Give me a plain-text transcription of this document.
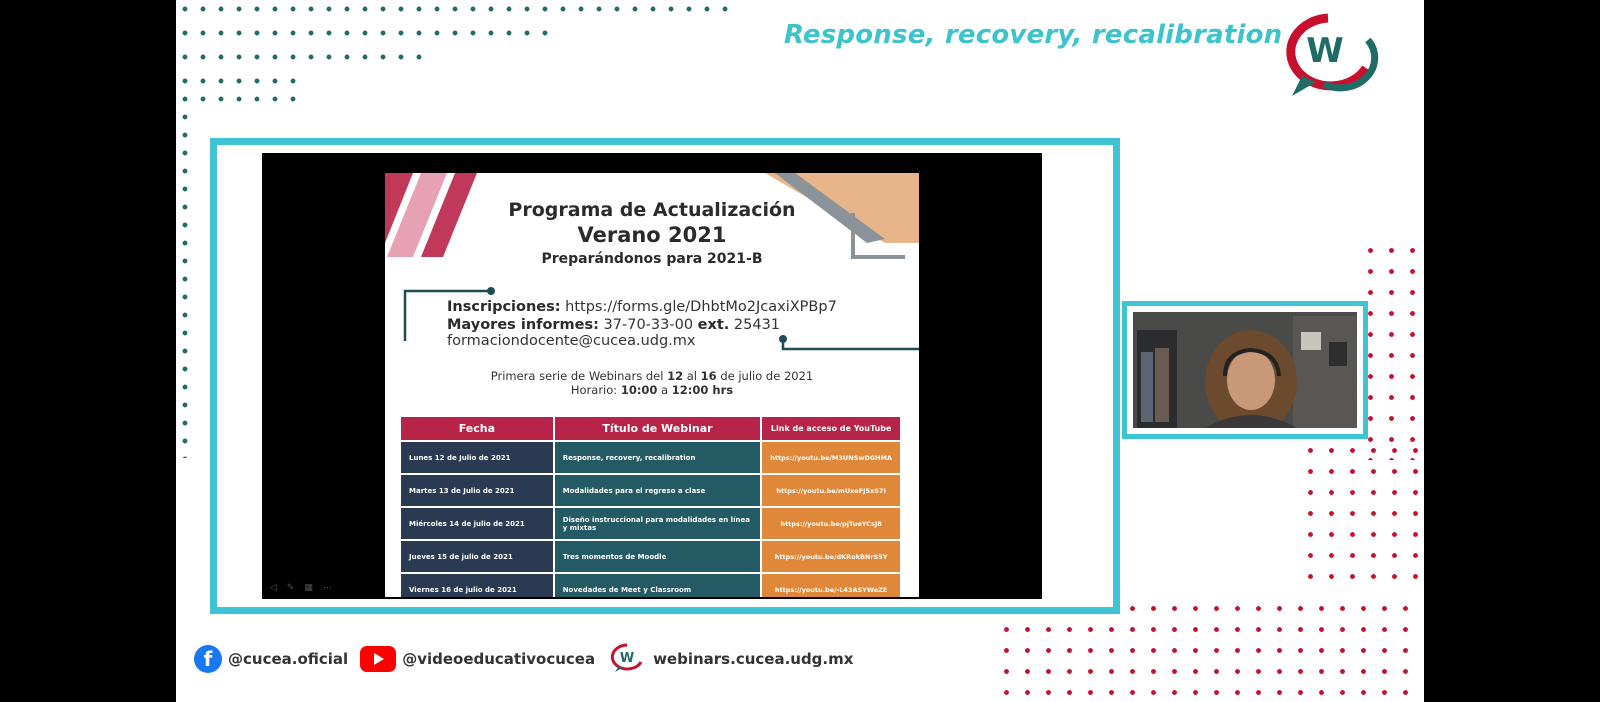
Response, recovery, recalibration W
Programa de Actualización
Verano 2021
Preparándonos para 2021-B
Inscripciones: https://forms.gle/DhbtMo2JcaxiXPBp7
Mayores informes: 37-70-33-00 ext. 25431
formaciondocente@cucea.udg.mx
Primera serie de Webinars del 12 al 16 de julio de 2021
Horario: 10:00 a 12:00 hrs
Fecha	Título de Webinar	Link de acceso de YouTube
Lunes 12 de Julio de 2021	Response, recovery, recalibration	https://youtu.be/M3UNSwDGHMA
Martes 13 de Julio de 2021	Modalidades para el regreso a clase	https://youtu.be/mUxeFJ5xS7I
Miércoles 14 de julio de 2021	Diseño instruccional para modalidades en línea y mixtas	https://youtu.be/pjTueYCsJ8
Jueves 15 de julio de 2021	Tres momentos de Moodle	https://youtu.be/dKRokBNrS5Y
Viernes 16 de julio de 2021	Novedades de Meet y Classroom	https://youtu.be/-L43ASYWeZE
◁ ✎ ▦ ⋯
f	@cucea.oficial	@videoeducativocucea W webinars.cucea.udg.mx
